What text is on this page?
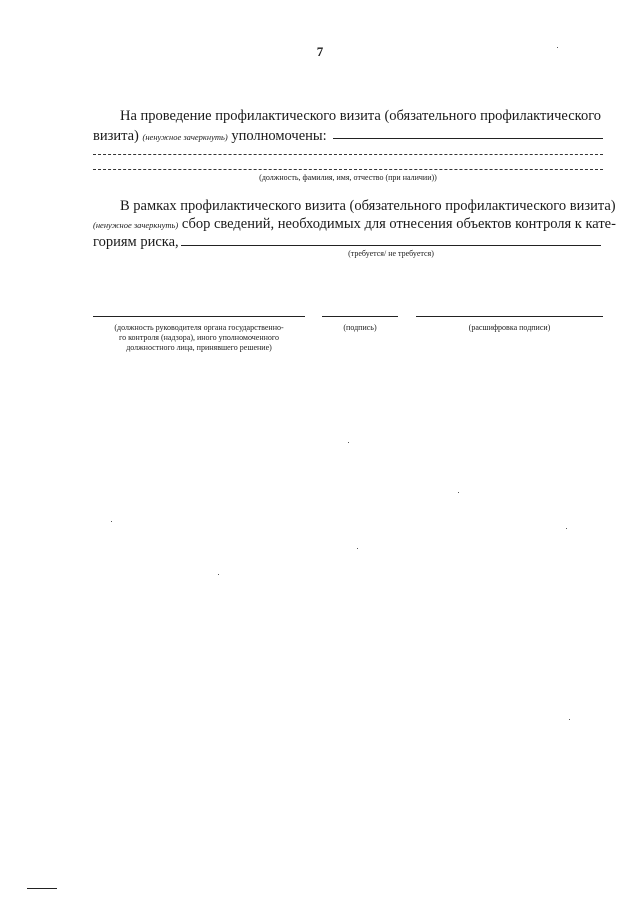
7
На проведение профилактического визита (обязательного профилактического
визита) (ненужное зачеркнуть) уполномочены:
(должность, фамилия, имя, отчество (при наличии))
В рамках профилактического визита (обязательного профилактического визита)
(ненужное зачеркнуть) сбор сведений, необходимых для отнесения объектов контроля к кате-
гориям риска,
(требуется/ не требуется)
(должность руководителя органа государственно-
го контроля (надзора), иного уполномоченного
должностного лица, принявшего решение)
(подпись)	(расшифровка подписи)
